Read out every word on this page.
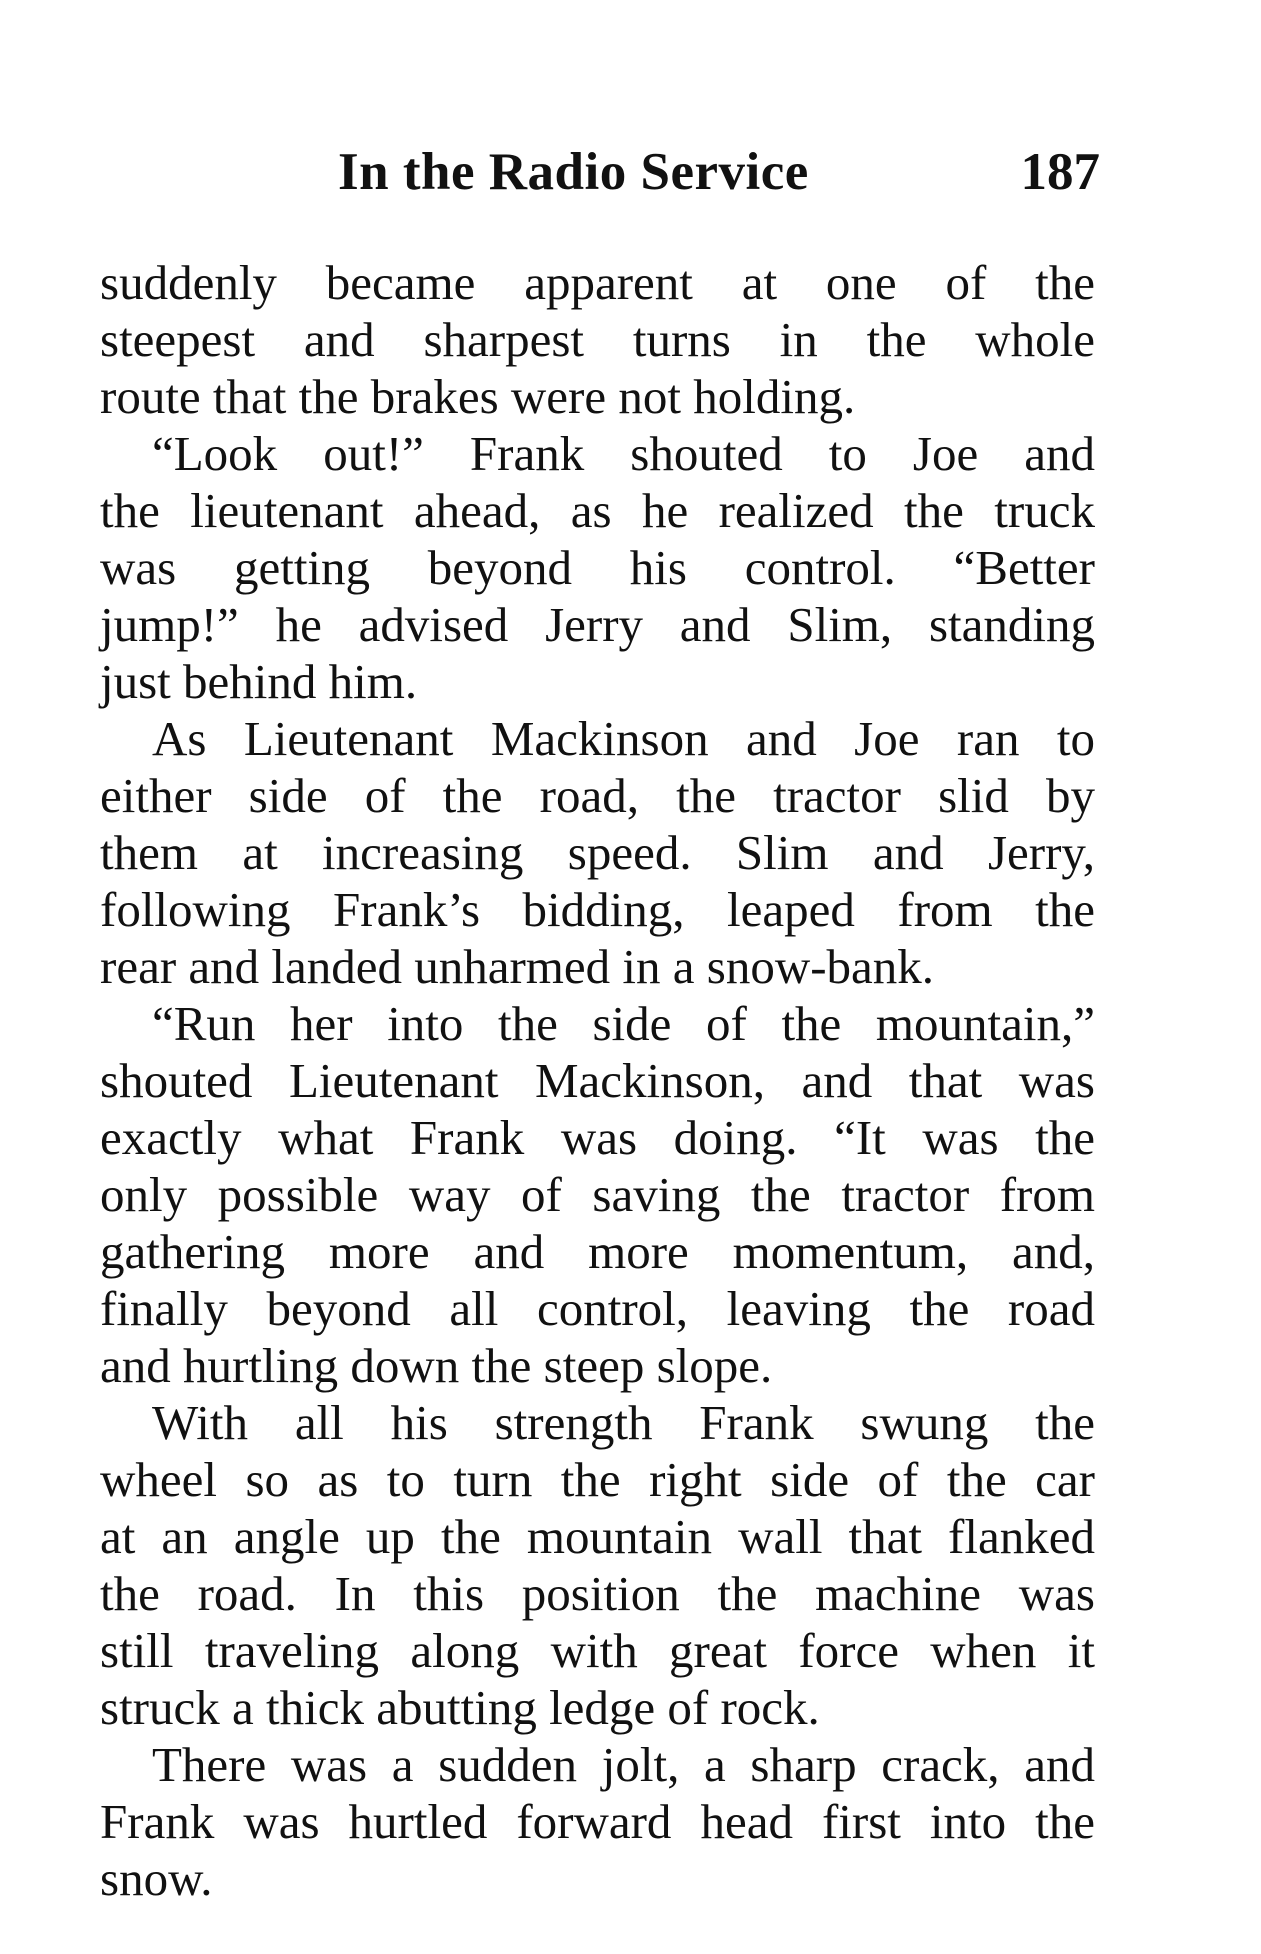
In the Radio Service	187
suddenly became apparent at one of the
steepest and sharpest turns in the whole
route that the brakes were not holding.
“Look out!” Frank shouted to Joe and
the lieutenant ahead, as he realized the truck
was getting beyond his control. “Better
jump!” he advised Jerry and Slim, standing
just behind him.
As Lieutenant Mackinson and Joe ran to
either side of the road, the tractor slid by
them at increasing speed. Slim and Jerry,
following Frank’s bidding, leaped from the
rear and landed unharmed in a snow-bank.
“Run her into the side of the mountain,”
shouted Lieutenant Mackinson, and that was
exactly what Frank was doing. “It was the
only possible way of saving the tractor from
gathering more and more momentum, and,
finally beyond all control, leaving the road
and hurtling down the steep slope.
With all his strength Frank swung the
wheel so as to turn the right side of the car
at an angle up the mountain wall that flanked
the road. In this position the machine was
still traveling along with great force when it
struck a thick abutting ledge of rock.
There was a sudden jolt, a sharp crack, and
Frank was hurtled forward head first into the
snow.
